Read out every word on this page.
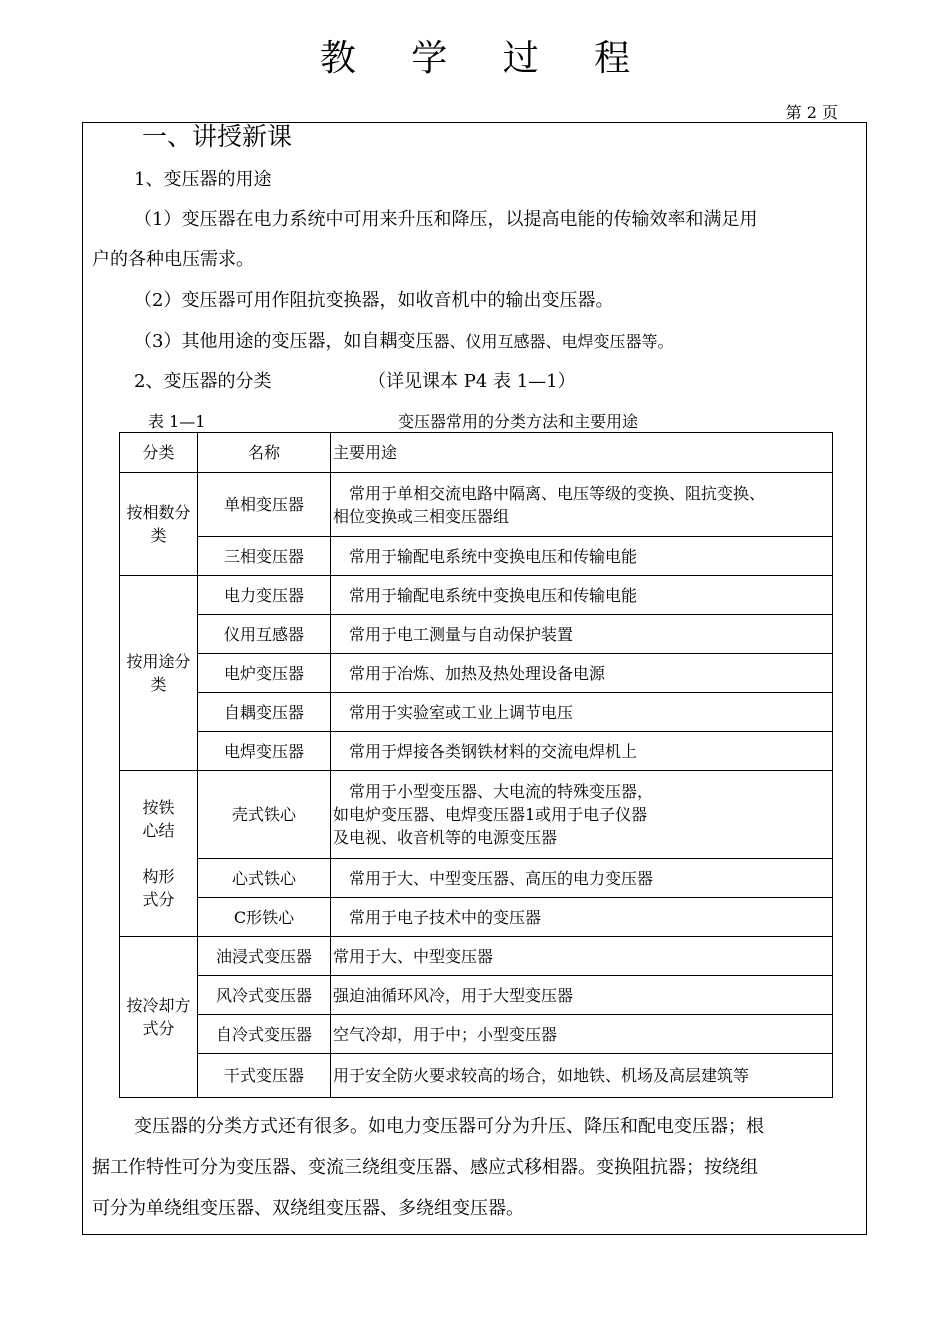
教 学 过 程
第 2 页
一、讲授新课
1、变压器的用途
（1）变压器在电力系统中可用来升压和降压，以提高电能的传输效率和满足用
户的各种电压需求。
（2）变压器可用作阻抗变换器，如收音机中的输出变压器。
（3）其他用途的变压器，如自耦变压器、仪用互感器、电焊变压器等。
2、变压器的分类	（详见课本 P4 表 1—1）
表 1—1	变压器常用的分类方法和主要用途
分类	名称	主要用途
按相数分类	单相变压器	常用于单相交流电路中隔离、电压等级的变换、阻抗变换、
相位变换或三相变压器组
	三相变压器	常用于输配电系统中变换电压和传输电能
按用途分类	电力变压器	常用于输配电系统中变换电压和传输电能
	仪用互感器	常用于电工测量与自动保护装置
	电炉变压器	常用于冶炼、加热及热处理设备电源
	自耦变压器	常用于实验室或工业上调节电压
	电焊变压器	常用于焊接各类钢铁材料的交流电焊机上
按铁
心结

构形
式分	壳式铁心	常用于小型变压器、大电流的特殊变压器，
如电炉变压器、电焊变压器1或用于电子仪器
及电视、收音机等的电源变压器
	心式铁心	常用于大、中型变压器、高压的电力变压器
	C形铁心	常用于电子技术中的变压器
按冷却方式分	油浸式变压器	常用于大、中型变压器
	风冷式变压器	强迫油循环风冷，用于大型变压器
	自冷式变压器	空气冷却，用于中；小型变压器
	干式变压器	用于安全防火要求较高的场合，如地铁、机场及高层建筑等
变压器的分类方式还有很多。如电力变压器可分为升压、降压和配电变压器；根
据工作特性可分为变压器、变流三绕组变压器、感应式移相器。变换阻抗器；按绕组
可分为单绕组变压器、双绕组变压器、多绕组变压器。
